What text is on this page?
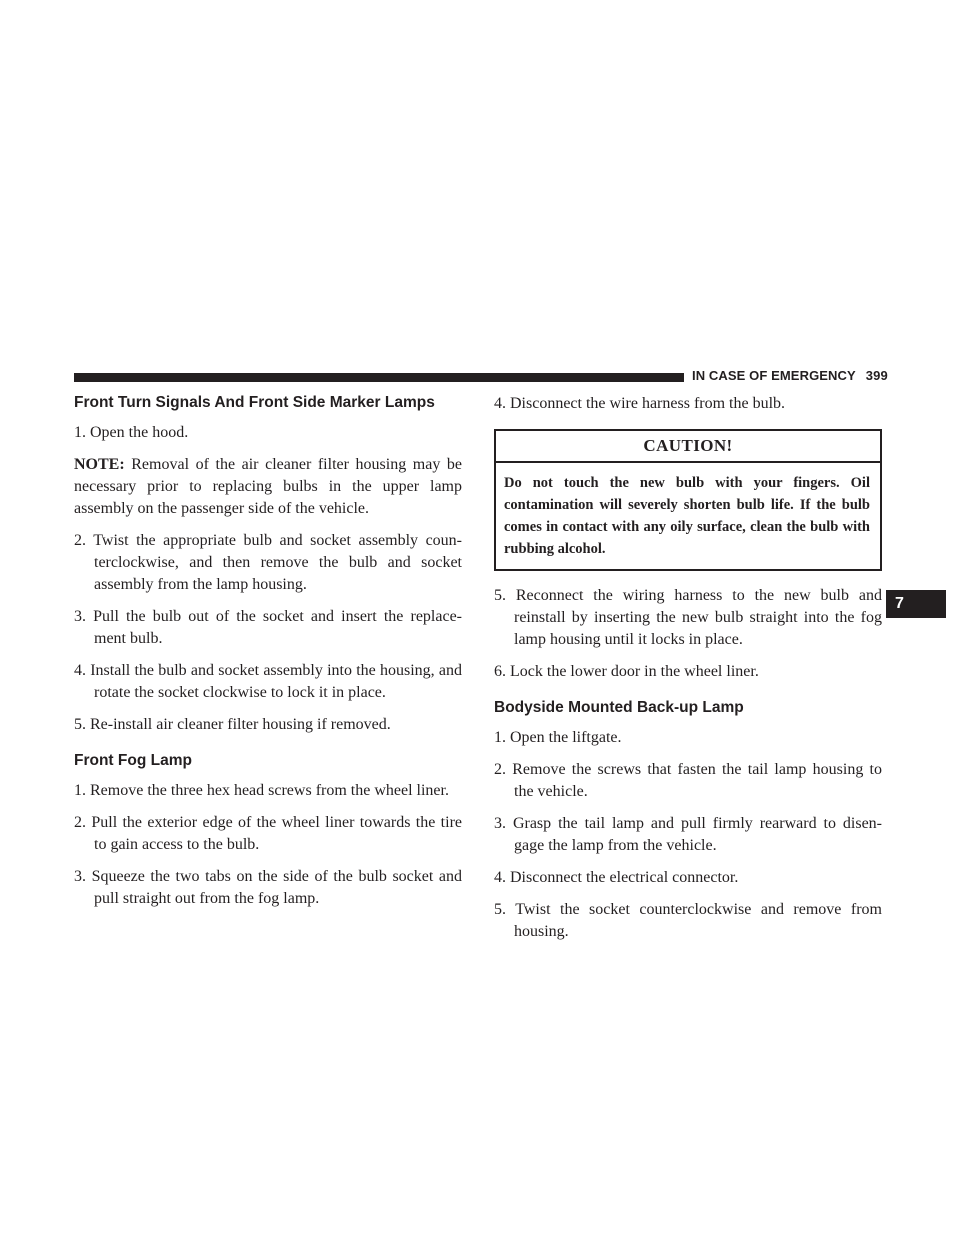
IN CASE OF EMERGENCY 399
Front Turn Signals And Front Side Marker Lamps

1. Open the hood.

NOTE: Removal of the air cleaner filter housing may be necessary prior to replacing bulbs in the upper lamp assembly on the passenger side of the vehicle.

2. Twist the appropriate bulb and socket assembly coun- terclockwise, and then remove the bulb and socket assembly from the lamp housing.

3. Pull the bulb out of the socket and insert the replace- ment bulb.

4. Install the bulb and socket assembly into the housing, and rotate the socket clockwise to lock it in place.

5. Re-install air cleaner filter housing if removed.

Front Fog Lamp

1. Remove the three hex head screws from the wheel liner.

2. Pull the exterior edge of the wheel liner towards the tire to gain access to the bulb.

3. Squeeze the two tabs on the side of the bulb socket and pull straight out from the fog lamp.

4. Disconnect the wire harness from the bulb.

CAUTION!
Do not touch the new bulb with your fingers. Oil contamination will severely shorten bulb life. If the bulb comes in contact with any oily surface, clean the bulb with rubbing alcohol.

5. Reconnect the wiring harness to the new bulb and reinstall by inserting the new bulb straight into the fog lamp housing until it locks in place.

6. Lock the lower door in the wheel liner.

Bodyside Mounted Back-up Lamp

1. Open the liftgate.

2. Remove the screws that fasten the tail lamp housing to the vehicle.

3. Grasp the tail lamp and pull firmly rearward to disen- gage the lamp from the vehicle.

4. Disconnect the electrical connector.

5. Twist the socket counterclockwise and remove from housing.

7
